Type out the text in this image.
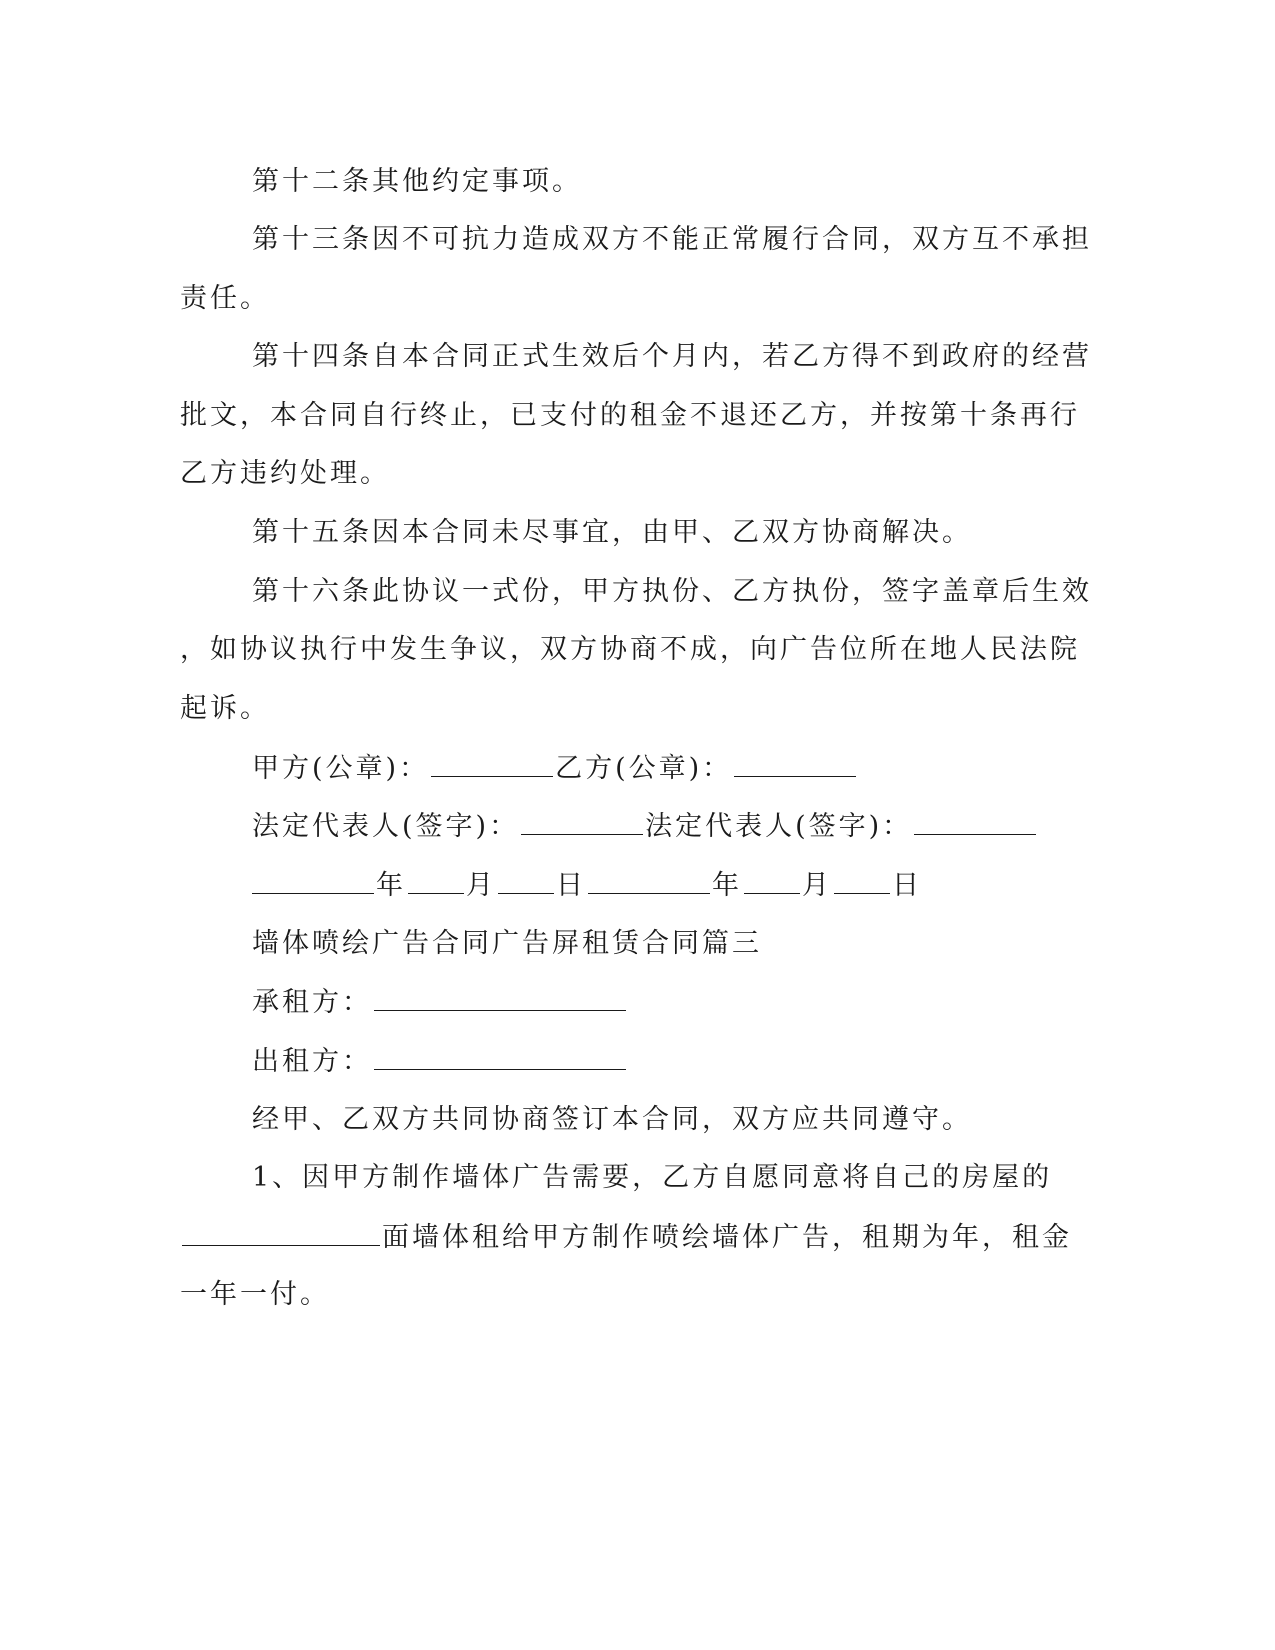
第十二条其他约定事项。
第十三条因不可抗力造成双方不能正常履行合同，双方互不承担
责任。
第十四条自本合同正式生效后个月内，若乙方得不到政府的经营
批文，本合同自行终止，已支付的租金不退还乙方，并按第十条再行
乙方违约处理。
第十五条因本合同未尽事宜，由甲、乙双方协商解决。
第十六条此协议一式份，甲方执份、乙方执份，签字盖章后生效
，如协议执行中发生争议，双方协商不成，向广告位所在地人民法院
起诉。
甲方(公章)：	乙方(公章)：
法定代表人(签字)：	法定代表人(签字)：
年 月 日	年 月 日
墙体喷绘广告合同广告屏租赁合同篇三
承租方：
出租方：
经甲、乙双方共同协商签订本合同，双方应共同遵守。
1、因甲方制作墙体广告需要，乙方自愿同意将自己的房屋的
面墙体租给甲方制作喷绘墙体广告，租期为年，租金
一年一付。
